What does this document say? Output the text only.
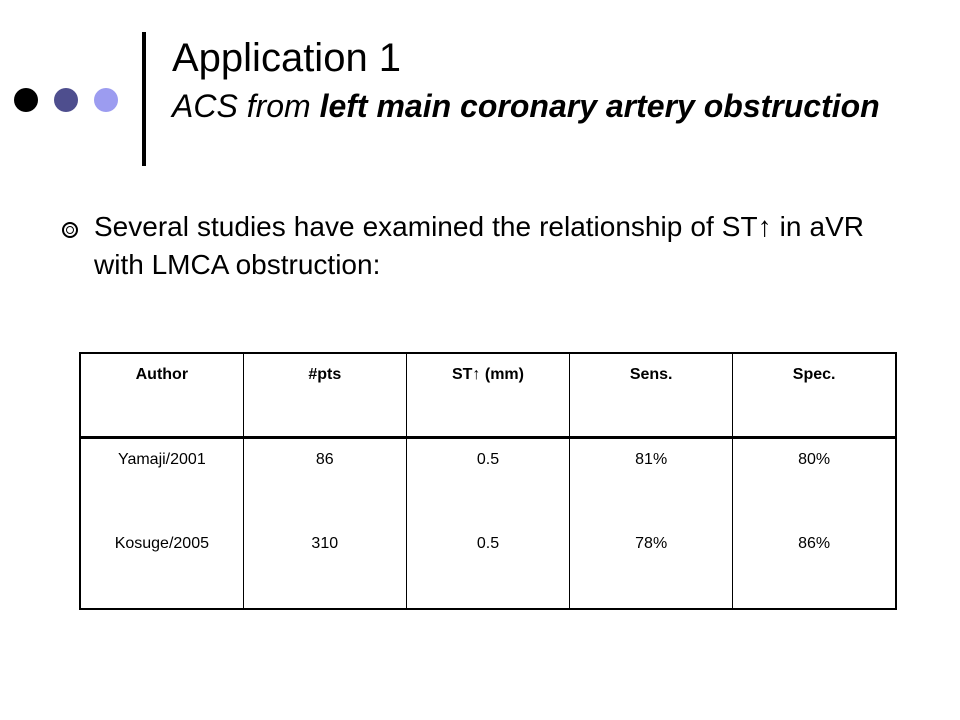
Application 1

ACS from left main coronary artery obstruction

Several studies have examined the relationship of ST↑ in aVR with LMCA obstruction:
Author	#pts	ST↑ (mm)	Sens.	Spec.
Yamaji/2001	86	0.5	81%	80%
Kosuge/2005	310	0.5	78%	86%
